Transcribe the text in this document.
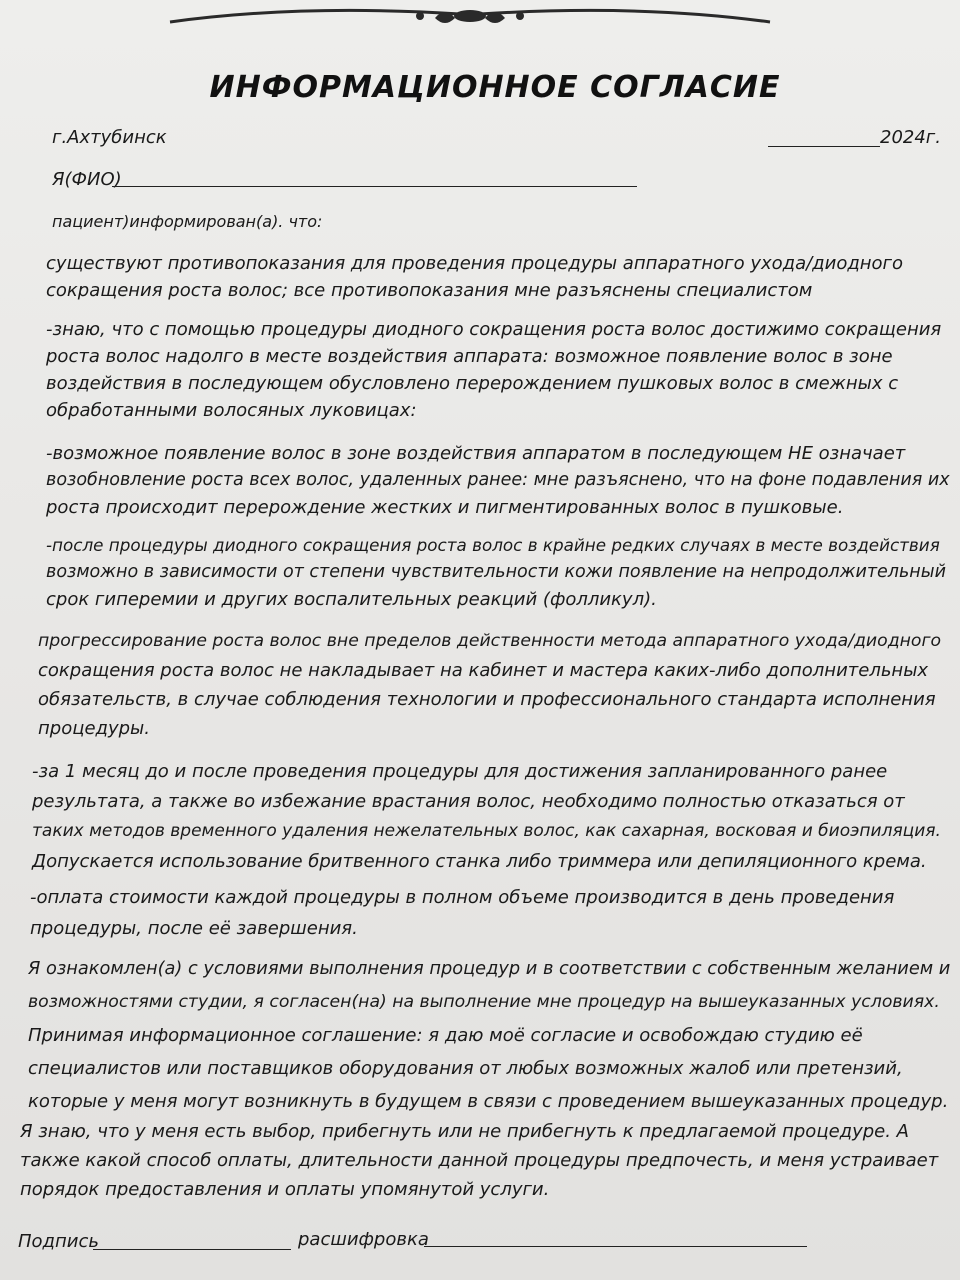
ИНФОРМАЦИОННОЕ СОГЛАСИЕ
г.Ахтубинск	2024г.
Я(ФИО)
пациент)информирован(а). что:
существуют противопоказания для проведения процедуры аппаратного ухода/диодного
сокращения роста волос; все противопоказания мне разъяснены специалистом
-знаю, что с помощью процедуры диодного сокращения роста волос достижимо сокращения
роста волос надолго в месте воздействия аппарата: возможное появление волос в зоне
воздействия в последующем обусловлено перерождением пушковых волос в смежных с
обработанными волосяных луковицах:
-возможное появление волос в зоне воздействия аппаратом в последующем НЕ означает
возобновление роста всех волос, удаленных ранее: мне разъяснено, что на фоне подавления их
роста происходит перерождение жестких и пигментированных волос в пушковые.
-после процедуры диодного сокращения роста волос в крайне редких случаях в месте воздействия
возможно в зависимости от степени чувствительности кожи появление на непродолжительный
срок гиперемии и других воспалительных реакций (фолликул).
прогрессирование роста волос вне пределов действенности метода аппаратного ухода/диодного
сокращения роста волос не накладывает на кабинет и мастера каких-либо дополнительных
обязательств, в случае соблюдения технологии и профессионального стандарта исполнения
процедуры.
-за 1 месяц до и после проведения процедуры для достижения запланированного ранее
результата, а также во избежание врастания волос, необходимо полностью отказаться от
таких методов временного удаления нежелательных волос, как сахарная, восковая и биоэпиляция.
Допускается использование бритвенного станка либо триммера или депиляционного крема.
-оплата стоимости каждой процедуры в полном объеме производится в день проведения
процедуры, после её завершения.
Я ознакомлен(а) с условиями выполнения процедур и в соответствии с собственным желанием и
возможностями студии, я согласен(на) на выполнение мне процедур на вышеуказанных условиях.
Принимая информационное соглашение: я даю моё согласие и освобождаю студию её
специалистов или поставщиков оборудования от любых возможных жалоб или претензий,
которые у меня могут возникнуть в будущем в связи с проведением вышеуказанных процедур.
Я знаю, что у меня есть выбор, прибегнуть или не прибегнуть к предлагаемой процедуре. А
также какой способ оплаты, длительности данной процедуры предпочесть, и меня устраивает
порядок предоставления и оплаты упомянутой услуги.
Подпись	расшифровка
